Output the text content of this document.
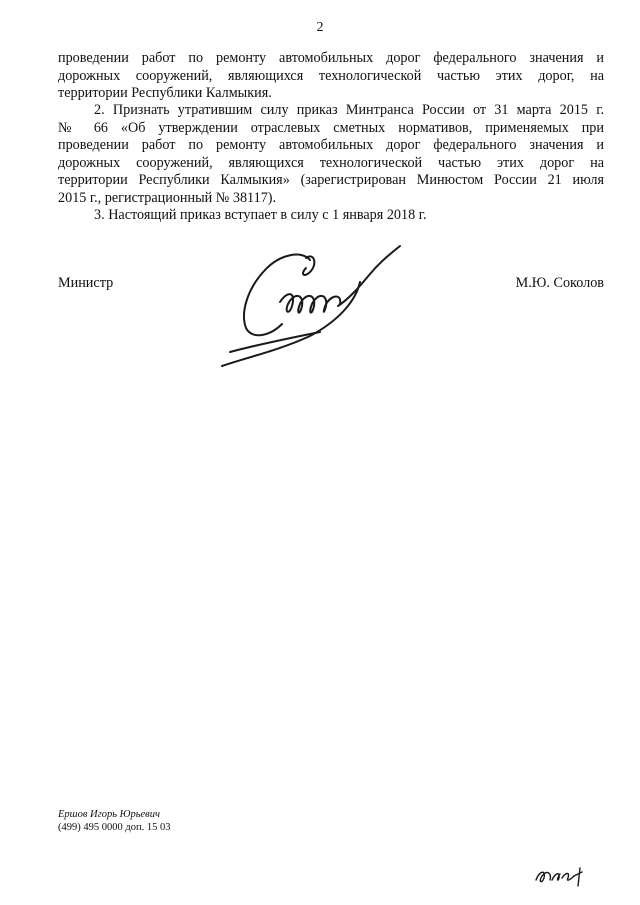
2
проведении работ по ремонту автомобильных дорог федерального значения и
дорожных сооружений, являющихся технологической частью этих дорог, на
территории Республики Калмыкия.
2. Признать утратившим силу приказ Минтранса России от 31 марта 2015 г.
№ 66 «Об утверждении отраслевых сметных нормативов, применяемых при
проведении работ по ремонту автомобильных дорог федерального значения и
дорожных сооружений, являющихся технологической частью этих дорог на
территории Республики Калмыкия» (зарегистрирован Минюстом России 21 июля
2015 г., регистрационный № 38117).
3. Настоящий приказ вступает в силу с 1 января 2018 г.
Министр	М.Ю. Соколов
Ершов Игорь Юрьевич
(499) 495 0000 доп. 15 03
